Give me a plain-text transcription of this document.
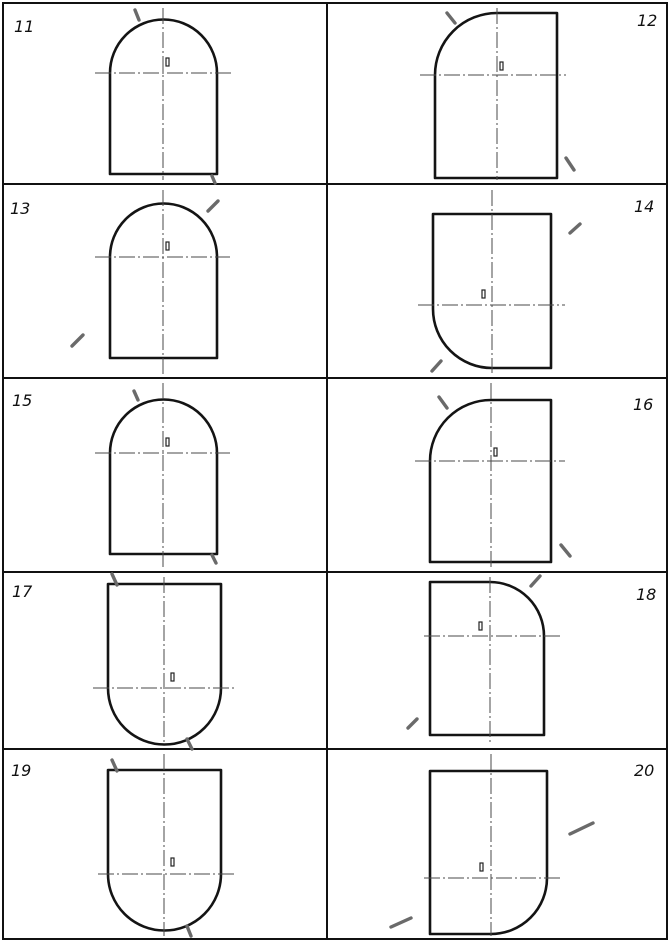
11	12
13	14
15	16
17	18
19	20
